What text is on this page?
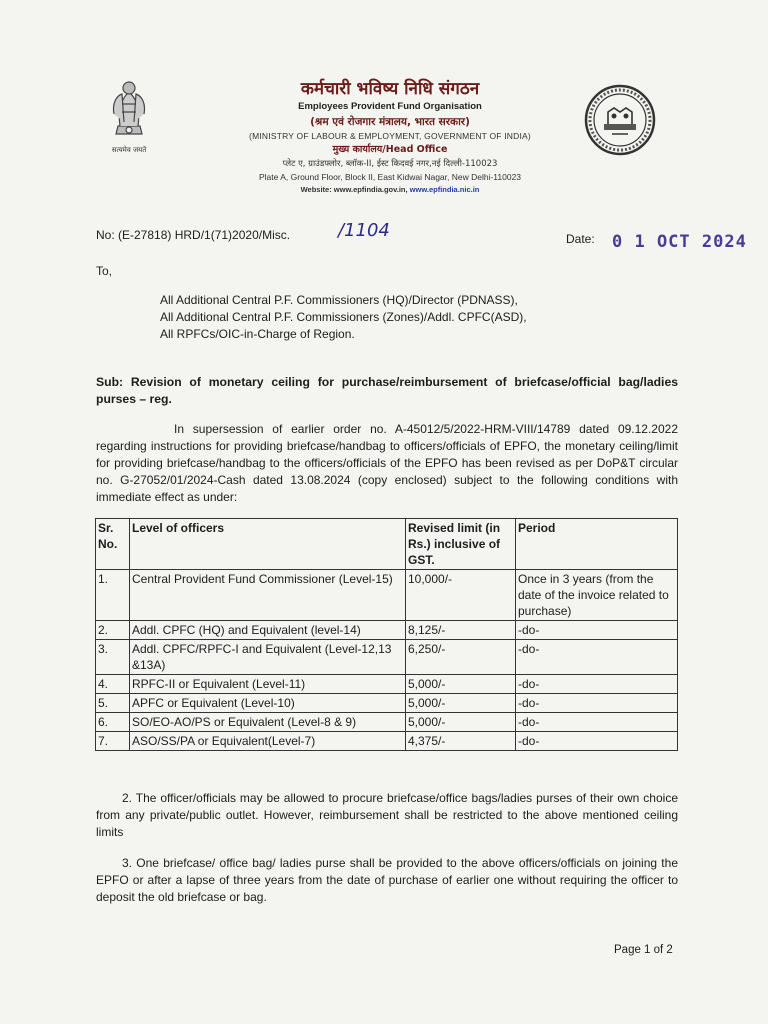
सत्यमेव जयते
कर्मचारी भविष्य निधि संगठन
Employees Provident Fund Organisation
(श्रम एवं रोजगार मंत्रालय, भारत सरकार)
(MINISTRY OF LABOUR & EMPLOYMENT, GOVERNMENT OF INDIA)
मुख्य कार्यालय/Head Office
प्लेट ए, ग्राउंडफ्लोर, ब्लॉक-II, ईस्ट किदवई नगर,नई दिल्ली-110023
Plate A, Ground Floor, Block II, East Kidwai Nagar, New Delhi-110023
Website: www.epfindia.gov.in, www.epfindia.nic.in
No: (E-27818) HRD/1(71)2020/Misc.	/1104	Date: 0 1 OCT 2024
To,
All Additional Central P.F. Commissioners (HQ)/Director (PDNASS),
All Additional Central P.F. Commissioners (Zones)/Addl. CPFC(ASD),
All RPFCs/OIC-in-Charge of Region.
Sub: Revision of monetary ceiling for purchase/reimbursement of briefcase/official bag/ladies purses – reg.
In supersession of earlier order no. A-45012/5/2022-HRM-VIII/14789 dated 09.12.2022 regarding instructions for providing briefcase/handbag to officers/officials of EPFO, the monetary ceiling/limit for providing briefcase/handbag to the officers/officials of the EPFO has been revised as per DoP&T circular no. G-27052/01/2024-Cash dated 13.08.2024 (copy enclosed) subject to the following conditions with immediate effect as under:
Sr. No.	Level of officers	Revised limit (in Rs.) inclusive of GST.	Period
1.	Central Provident Fund Commissioner (Level-15)	10,000/-	Once in 3 years (from the date of the invoice related to purchase)
2.	Addl. CPFC (HQ) and Equivalent (level-14)	8,125/-	-do-
3.	Addl. CPFC/RPFC-I and Equivalent (Level-12,13 &13A)	6,250/-	-do-
4.	RPFC-II or Equivalent (Level-11)	5,000/-	-do-
5.	APFC or Equivalent (Level-10)	5,000/-	-do-
6.	SO/EO-AO/PS or Equivalent (Level-8 & 9)	5,000/-	-do-
7.	ASO/SS/PA or Equivalent(Level-7)	4,375/-	-do-
2. The officer/officials may be allowed to procure briefcase/office bags/ladies purses of their own choice from any private/public outlet. However, reimbursement shall be restricted to the above mentioned ceiling limits
3. One briefcase/ office bag/ ladies purse shall be provided to the above officers/officials on joining the EPFO or after a lapse of three years from the date of purchase of earlier one without requiring the officer to deposit the old briefcase or bag.
Page 1 of 2
